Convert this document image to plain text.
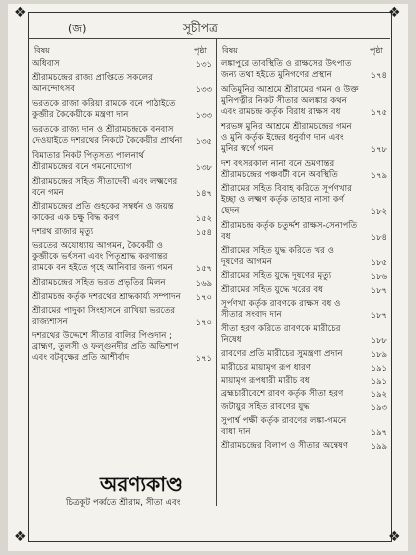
❖	❖
❖	❖
(জ)	সূচীপত্র
বিষয়	পৃষ্ঠা বিষয়	পৃষ্ঠা
অধিবাস	১৩১
শ্রীরামচন্দ্রের রাজ্য প্রাপ্তিতে সকলের আনন্দোৎসব	১৩৩
ভরতকে রাজা করিয়া রামকে বনে পাঠাইতে কুব্জীর কৈকেয়ীকে মন্ত্রণা দান	১৩৩
ভরতকে রাজ্য দান ও শ্রীরামচন্দ্রকে বনবাস দেওয়াইতে দশরথের নিকটে কৈকেয়ীর প্রার্থনা ১৩৫
বিমাতার নিকট পিতৃসত্য পালনার্থ শ্রীরামচন্দ্রের বনে গমনোদ্যোগ	১৩৮
শ্রীরামচন্দ্রের সহিত সীতাদেবী এবং লক্ষ্মণের বনে গমন	১৪৭
শ্রীরামচন্দ্রের প্রতি গুহকের সম্বর্ধন ও জয়ন্ত কাকের এক চক্ষু বিদ্ধ করণ	১৫২
দশরথ রাজার মৃত্যু	১৫৪
ভরতের অযোধ্যায় আগমন, কৈকেয়ী ও কুব্জীকে ভর্ৎসনা এবং পিতৃশ্রাদ্ধ করণান্তর রামকে বন হইতে গৃহে আনিবার জন্য গমন	১৫৭
শ্রীরামচন্দ্রের সহিত ভরত প্রভৃতির মিলন	১৬৯
শ্রীরামচন্দ্র কর্তৃক দশরথের শ্রাদ্ধকার্য্য সম্পাদন	১৭০
শ্রীরামের পাদুকা সিংহাসনে রাখিয়া ভরতের রাজ্যশাসন	১৭০
দশরথের উদ্দেশে সীতার বালির পিণ্ডদান ; ব্রাহ্মণ, তুলসী ও ফল্গুনদীর প্রতি অভিশাপ এবং বটবৃক্ষের প্রতি আশীর্বাদ	১৭১
লঙ্কাপুরে তাবস্থিতি ও রাক্ষসের উৎপাত জন্য তথা হইতে মুনিগণের প্রস্থান	১৭৪
অতিমুনির আশ্রমে শ্রীরামের গমন ও উক্ত মুনিপত্নীর নিকট সীতার অলঙ্কার কথন এবং রামচন্দ্র কর্তৃক বিরাধ রাক্ষস বধ	১৭৫
শরভঙ্গ মুনির আশ্রমে শ্রীরামচন্দ্রের গমন ও মুনি কর্তৃক ইন্দ্রের ধনুর্বাণ দান এবং মুনির স্বর্গে গমন	১৭৮
দশ বৎসরকাল নানা বনে ভ্রমণান্তর শ্রীরামচন্দ্রের পঞ্চবটী বনে অবস্থিতি	১৭৯
শ্রীরামের সহিত বিবাহ করিতে সূর্পণখার ইচ্ছা ও লক্ষ্মণ কর্তৃক তাহার নাসা কর্ণ ছেদন	১৮২
শ্রীরামচন্দ্র কর্তৃক চতুর্দ্দশ রাক্ষস-সেনাপতি বধ	১৮৪
শ্রীরামের সহিত যুদ্ধ করিতে খর ও দূষণের আগমন	১৮৫
শ্রীরামের সহিত যুদ্ধে দূষণের মৃত্যু	১৮৬
শ্রীরামের সহিত যুদ্ধে খরের বধ	১৮৭
সূর্পণখা কর্তৃক রাবণকে রাক্ষস বধ ও সীতার সংবাদ দান	১৮৭
সীতা হরণ করিতে রাবণকে মারীচের নিষেধ	১৮৮
রাবণের প্রতি মারীচের সুমন্ত্রণা প্রদান	১৮৯
মারীচের মায়ামৃগ রূপ ধারণ	১৯১
মায়ামৃগ রূপধারী মারীচ বধ	১৯১
ব্রহ্মচারীবেশে রাবণ কর্তৃক সীতা হরণ	১৯২
জটায়ুর সহিত রাবণের যুদ্ধ	১৯৩
সুপার্শ্ব পক্ষী কর্তৃক রাবণের লঙ্কা-গমনে বাধা দান	১৯৭
শ্রীরামচন্দ্রের বিলাপ ও সীতার অন্বেষণ	১৯৯
অরণ্যকাণ্ড
চিত্রকূট পর্ব্বতে শ্রীরাম, সীতা এবং
